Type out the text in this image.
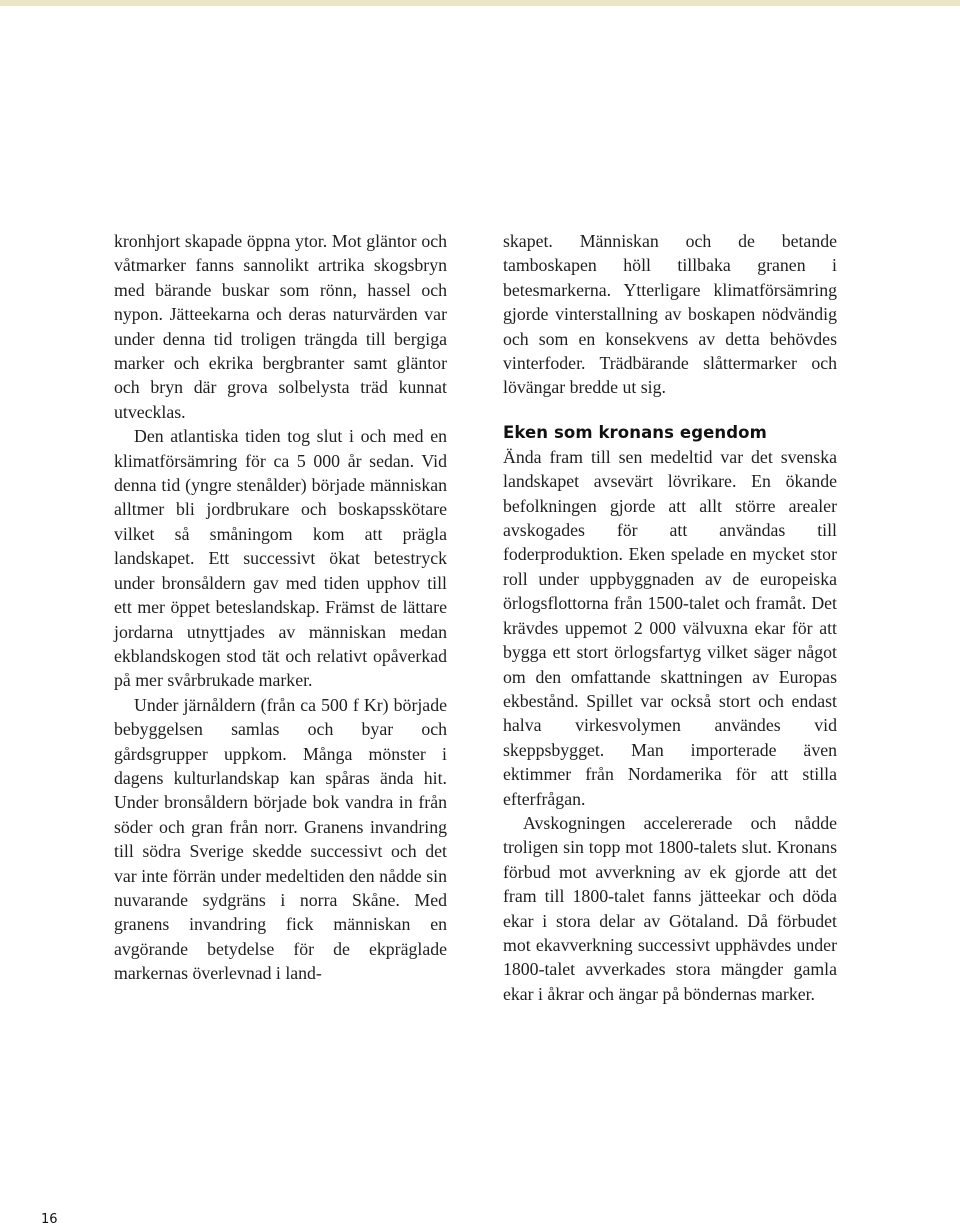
kronhjort skapade öppna ytor. Mot gläntor och våtmarker fanns sannolikt artrika skogsbryn med bärande buskar som rönn, hassel och nypon. Jätteekarna och deras naturvärden var under denna tid troligen trängda till bergiga marker och ekrika bergbranter samt gläntor och bryn där grova solbelysta träd kunnat utvecklas.

Den atlantiska tiden tog slut i och med en klimatförsämring för ca 5 000 år sedan. Vid denna tid (yngre stenålder) började människan alltmer bli jordbrukare och boskapsskötare vilket så småningom kom att prägla landskapet. Ett successivt ökat betestryck under bronsåldern gav med tiden upphov till ett mer öppet beteslandskap. Främst de lättare jordarna utnyttjades av människan medan ekblandskogen stod tät och relativt opåverkad på mer svårbrukade marker.

Under järnåldern (från ca 500 f Kr) började bebyggelsen samlas och byar och gårdsgrupper uppkom. Många mönster i dagens kulturlandskap kan spåras ända hit. Under bronsåldern började bok vandra in från söder och gran från norr. Granens invandring till södra Sverige skedde successivt och det var inte förrän under medeltiden den nådde sin nuvarande sydgräns i norra Skåne. Med granens invandring fick människan en avgörande betydelse för de ekpräglade markernas överlevnad i land-

skapet. Människan och de betande tamboskapen höll tillbaka granen i betesmarkerna. Ytterligare klimatförsämring gjorde vinterstallning av boskapen nödvändig och som en konsekvens av detta behövdes vinterfoder. Trädbärande slåttermarker och lövängar bredde ut sig.

Eken som kronans egendom

Ända fram till sen medeltid var det svenska landskapet avsevärt lövrikare. En ökande befolkningen gjorde att allt större arealer avskogades för att användas till foderproduktion. Eken spelade en mycket stor roll under uppbyggnaden av de europeiska örlogsflottorna från 1500-talet och framåt. Det krävdes uppemot 2 000 välvuxna ekar för att bygga ett stort örlogsfartyg vilket säger något om den omfattande skattningen av Europas ekbestånd. Spillet var också stort och endast halva virkesvolymen användes vid skeppsbygget. Man importerade även ektimmer från Nordamerika för att stilla efterfrågan.

Avskogningen accelererade och nådde troligen sin topp mot 1800-talets slut. Kronans förbud mot avverkning av ek gjorde att det fram till 1800-talet fanns jätteekar och döda ekar i stora delar av Götaland. Då förbudet mot ekavverkning successivt upphävdes under 1800-talet avverkades stora mängder gamla ekar i åkrar och ängar på böndernas marker.

16
